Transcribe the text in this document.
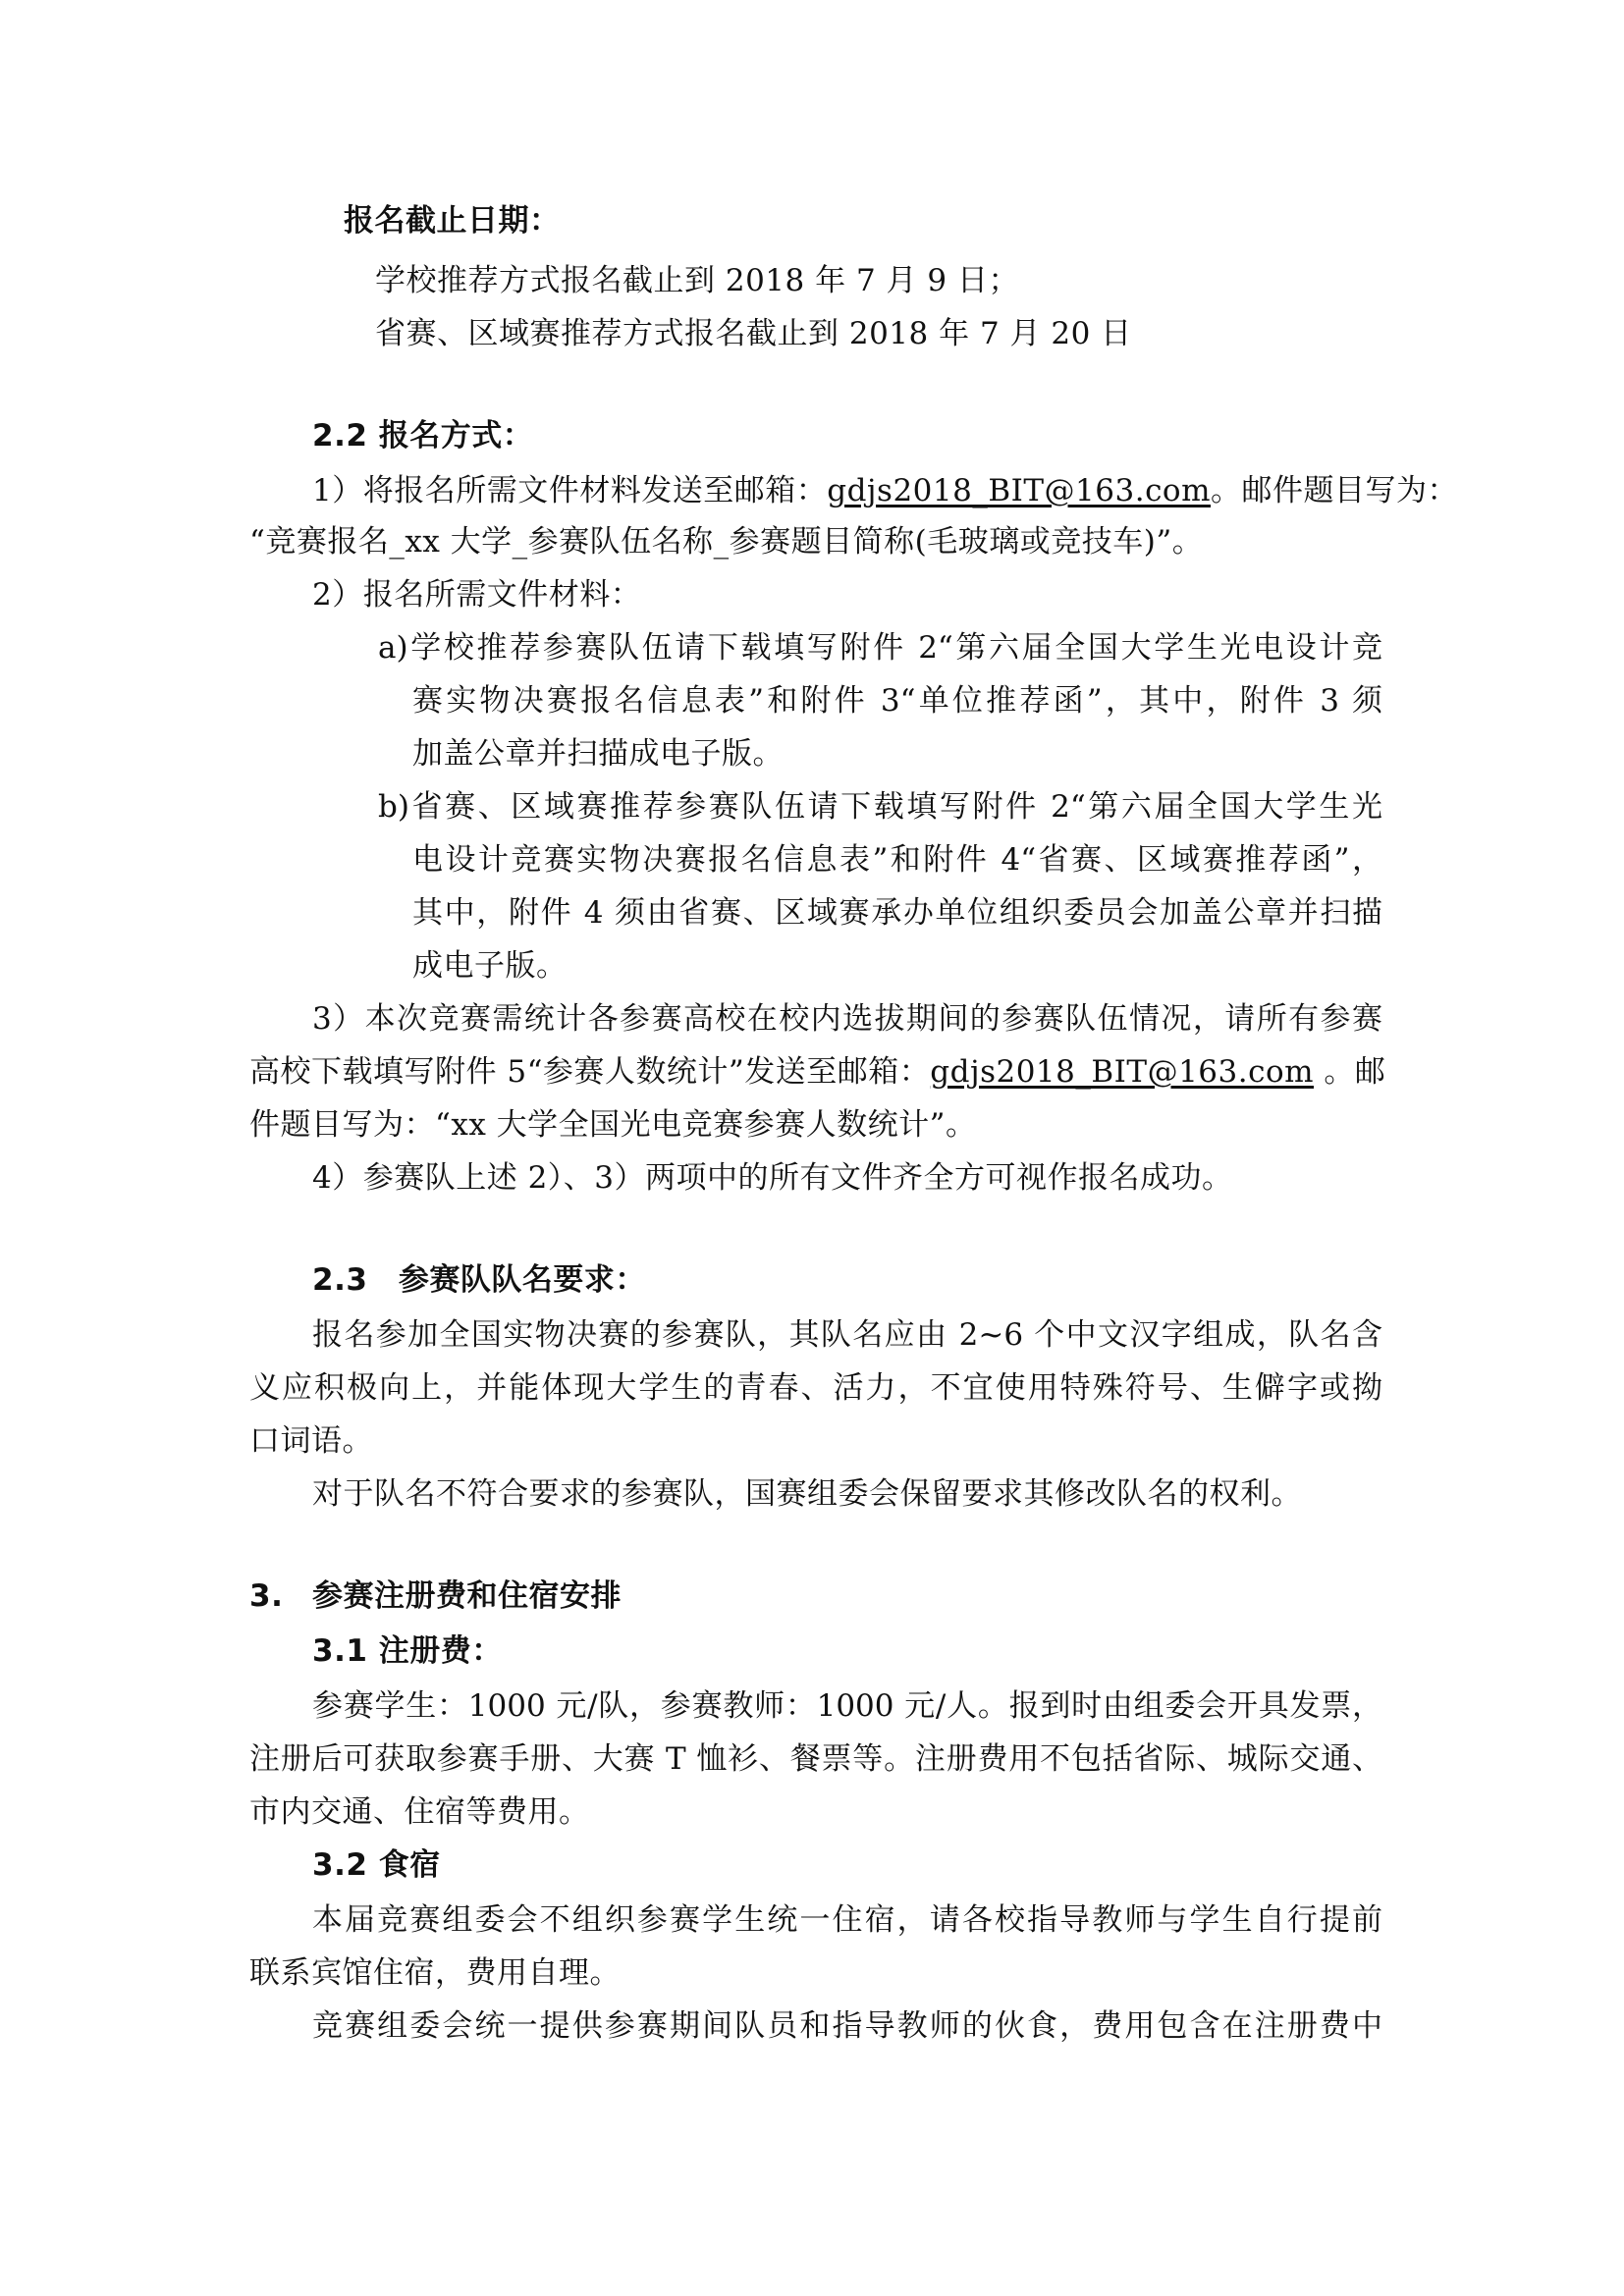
报名截止日期：
学校推荐方式报名截止到 2018 年 7 月 9 日；
省赛、区域赛推荐方式报名截止到 2018 年 7 月 20 日
2.2 报名方式：
1）将报名所需文件材料发送至邮箱：gdjs2018_BIT@163.com。邮件题目写为：
“竞赛报名_xx 大学_参赛队伍名称_参赛题目简称(毛玻璃或竞技车)”。
2）报名所需文件材料：
a)学校推荐参赛队伍请下载填写附件 2“第六届全国大学生光电设计竞
赛实物决赛报名信息表”和附件 3“单位推荐函”，其中，附件 3 须
加盖公章并扫描成电子版。
b)省赛、区域赛推荐参赛队伍请下载填写附件 2“第六届全国大学生光
电设计竞赛实物决赛报名信息表”和附件 4“省赛、区域赛推荐函”，
其中，附件 4 须由省赛、区域赛承办单位组织委员会加盖公章并扫描
成电子版。
3）本次竞赛需统计各参赛高校在校内选拔期间的参赛队伍情况，请所有参赛
高校下载填写附件 5“参赛人数统计”发送至邮箱：gdjs2018_BIT@163.com 。邮
件题目写为：“xx 大学全国光电竞赛参赛人数统计”。
4）参赛队上述 2）、3）两项中的所有文件齐全方可视作报名成功。
2.3　参赛队队名要求：
报名参加全国实物决赛的参赛队，其队名应由 2~6 个中文汉字组成，队名含
义应积极向上，并能体现大学生的青春、活力，不宜使用特殊符号、生僻字或拗
口词语。
对于队名不符合要求的参赛队，国赛组委会保留要求其修改队名的权利。
3. 参赛注册费和住宿安排
3.1 注册费：
参赛学生：1000 元/队，参赛教师：1000 元/人。报到时由组委会开具发票，
注册后可获取参赛手册、大赛 T 恤衫、餐票等。注册费用不包括省际、城际交通、
市内交通、住宿等费用。
3.2 食宿
本届竞赛组委会不组织参赛学生统一住宿，请各校指导教师与学生自行提前
联系宾馆住宿，费用自理。
竞赛组委会统一提供参赛期间队员和指导教师的伙食，费用包含在注册费中
